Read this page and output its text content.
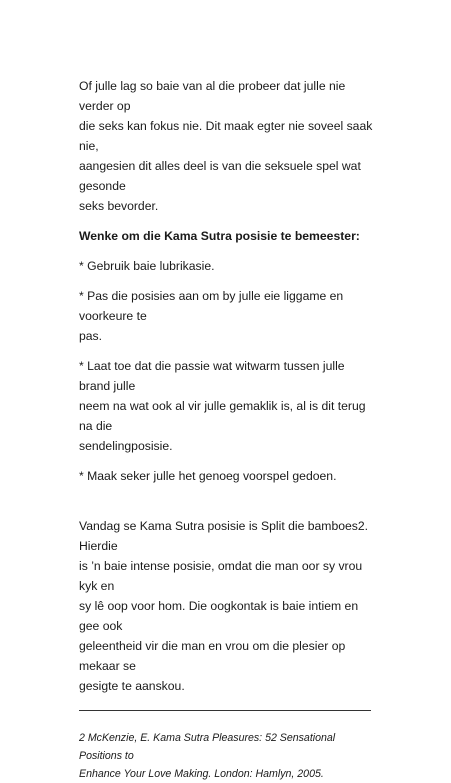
Of julle lag so baie van al die probeer dat julle nie verder op
die seks kan fokus nie. Dit maak egter nie soveel saak nie,
aangesien dit alles deel is van die seksuele spel wat gesonde
seks bevorder.

Wenke om die Kama Sutra posisie te bemeester:

* Gebruik baie lubrikasie.

* Pas die posisies aan om by julle eie liggame en voorkeure te
pas.

* Laat toe dat die passie wat witwarm tussen julle brand julle
neem na wat ook al vir julle gemaklik is, al is dit terug na die
sendelingposisie.

* Maak seker julle het genoeg voorspel gedoen.

Vandag se Kama Sutra posisie is Split die bamboes2. Hierdie
is ’n baie intense posisie, omdat die man oor sy vrou kyk en
sy lê oop voor hom. Die oogkontak is baie intiem en gee ook
geleentheid vir die man en vrou om die plesier op mekaar se
gesigte te aanskou.

2 McKenzie, E. Kama Sutra Pleasures: 52 Sensational Positions to
Enhance Your Love Making. London: Hamlyn, 2005.
